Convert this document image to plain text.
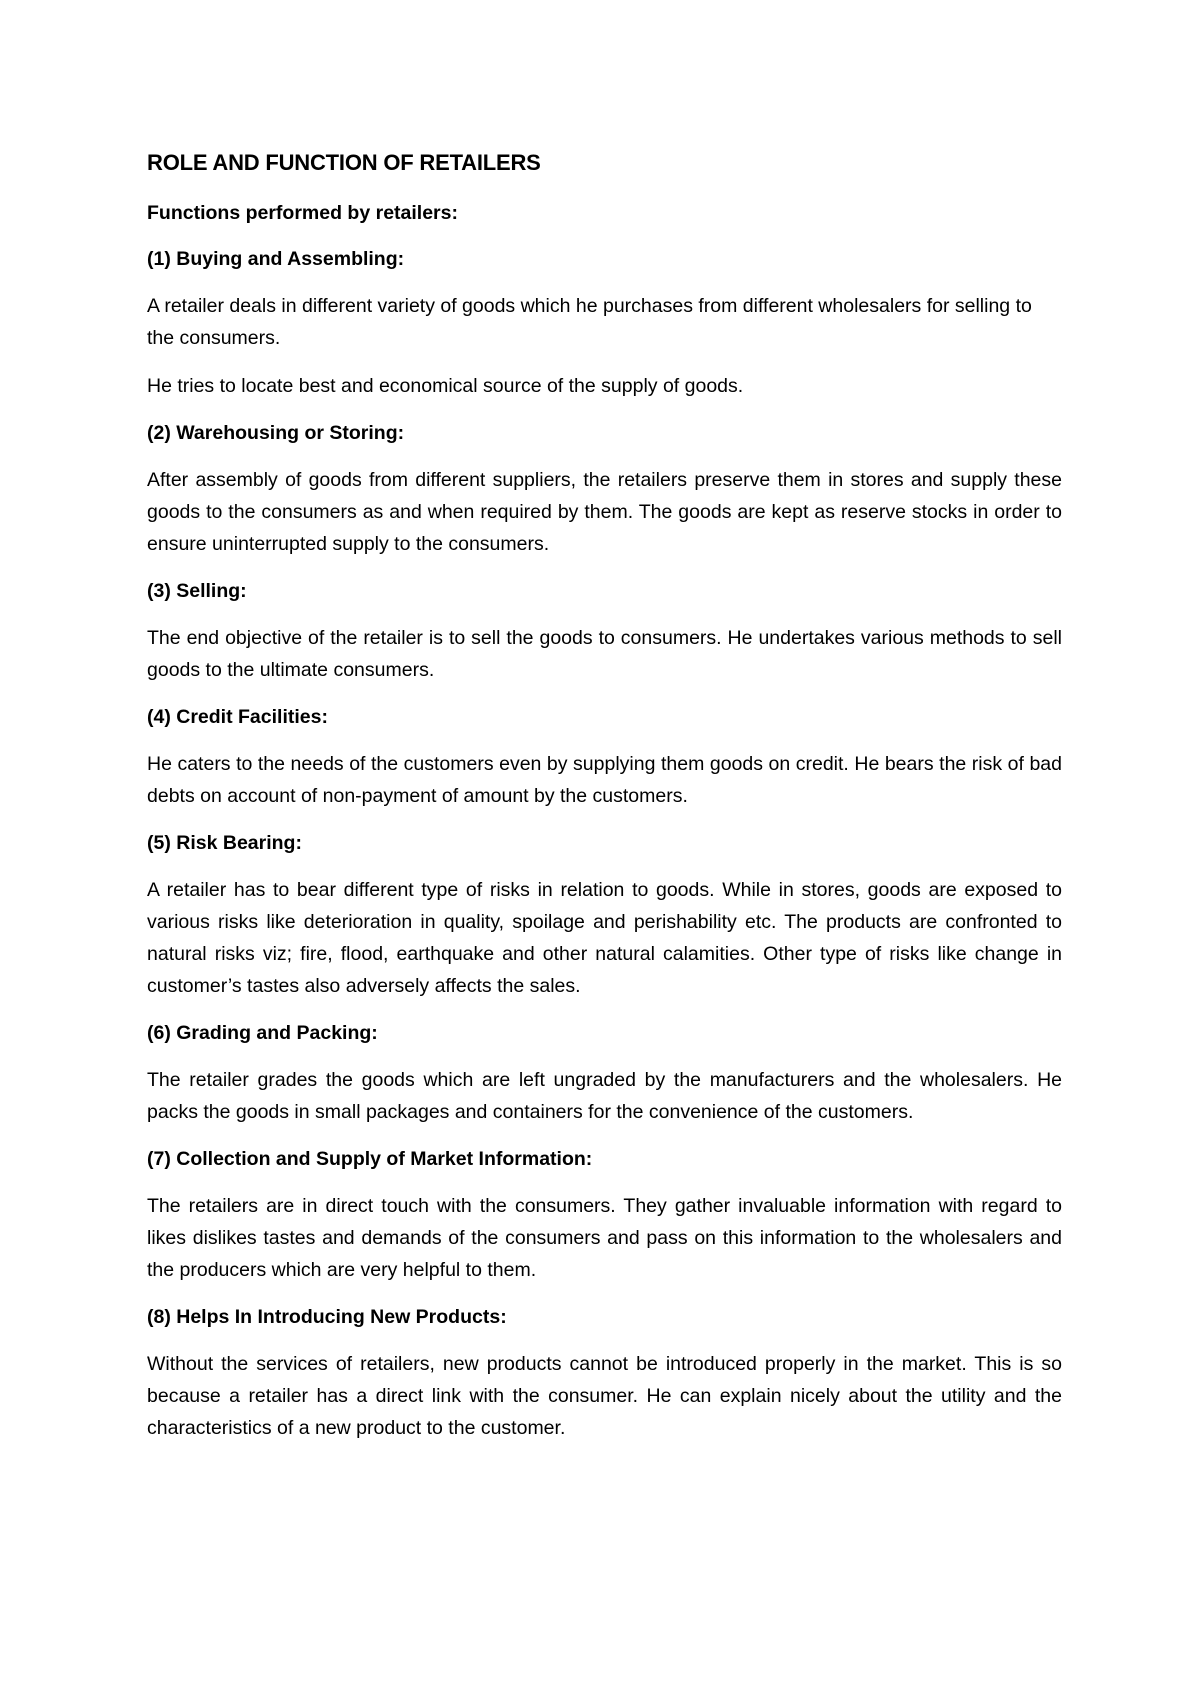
ROLE AND FUNCTION OF RETAILERS
Functions performed by retailers:
(1) Buying and Assembling:
A retailer deals in different variety of goods which he purchases from different wholesalers for selling to the consumers.
He tries to locate best and economical source of the supply of goods.
(2) Warehousing or Storing:
After assembly of goods from different suppliers, the retailers preserve them in stores and supply these goods to the consumers as and when required by them. The goods are kept as reserve stocks in order to ensure uninterrupted supply to the consumers.
(3) Selling:
The end objective of the retailer is to sell the goods to consumers. He undertakes various methods to sell goods to the ultimate consumers.
(4) Credit Facilities:
He caters to the needs of the customers even by supplying them goods on credit. He bears the risk of bad debts on account of non-payment of amount by the customers.
(5) Risk Bearing:
A retailer has to bear different type of risks in relation to goods. While in stores, goods are exposed to various risks like deterioration in quality, spoilage and perishability etc. The products are confronted to natural risks viz; fire, flood, earthquake and other natural calamities. Other type of risks like change in customer’s tastes also adversely affects the sales.
(6) Grading and Packing:
The retailer grades the goods which are left ungraded by the manufacturers and the wholesalers. He packs the goods in small packages and containers for the convenience of the customers.
(7) Collection and Supply of Market Information:
The retailers are in direct touch with the consumers. They gather invaluable information with regard to likes dislikes tastes and demands of the consumers and pass on this information to the wholesalers and the producers which are very helpful to them.
(8) Helps In Introducing New Products:
Without the services of retailers, new products cannot be introduced properly in the market. This is so because a retailer has a direct link with the consumer. He can explain nicely about the utility and the characteristics of a new product to the customer.
